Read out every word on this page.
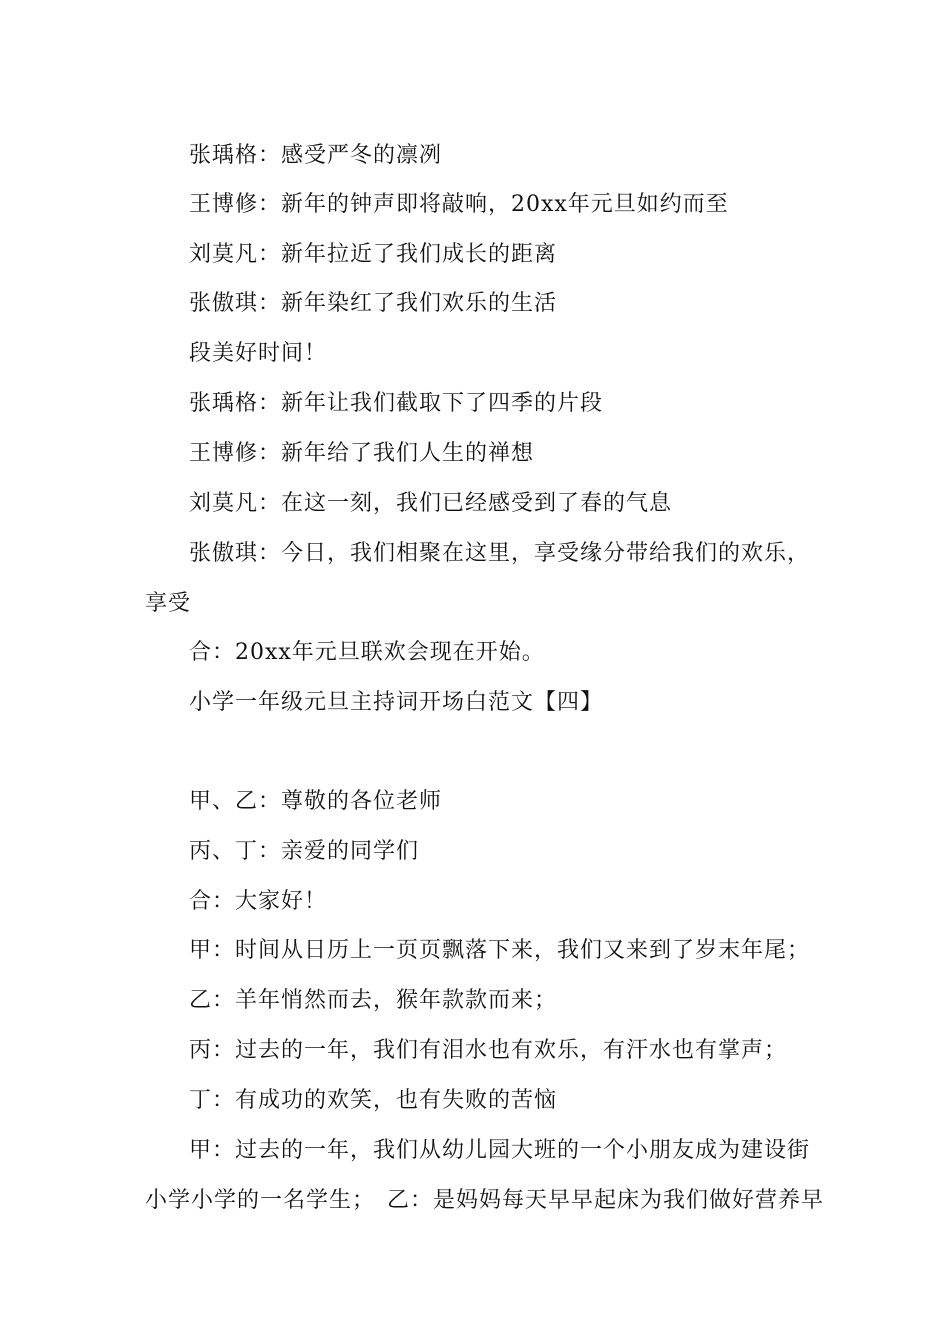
张瑀格：感受严冬的凛冽
王博修：新年的钟声即将敲响，20xx年元旦如约而至
刘莫凡：新年拉近了我们成长的距离
张傲琪：新年染红了我们欢乐的生活
段美好时间！
张瑀格：新年让我们截取下了四季的片段
王博修：新年给了我们人生的禅想
刘莫凡：在这一刻，我们已经感受到了春的气息
张傲琪：今日，我们相聚在这里，享受缘分带给我们的欢乐，
享受
合：20xx年元旦联欢会现在开始。
小学一年级元旦主持词开场白范文【四】
甲、乙：尊敬的各位老师
丙、丁：亲爱的同学们
合：大家好！
甲：时间从日历上一页页飘落下来，我们又来到了岁末年尾；
乙：羊年悄然而去，猴年款款而来；
丙：过去的一年，我们有泪水也有欢乐，有汗水也有掌声；
丁：有成功的欢笑，也有失败的苦恼
甲：过去的一年，我们从幼儿园大班的一个小朋友成为建设街
小学小学的一名学生；　乙：是妈妈每天早早起床为我们做好营养早
